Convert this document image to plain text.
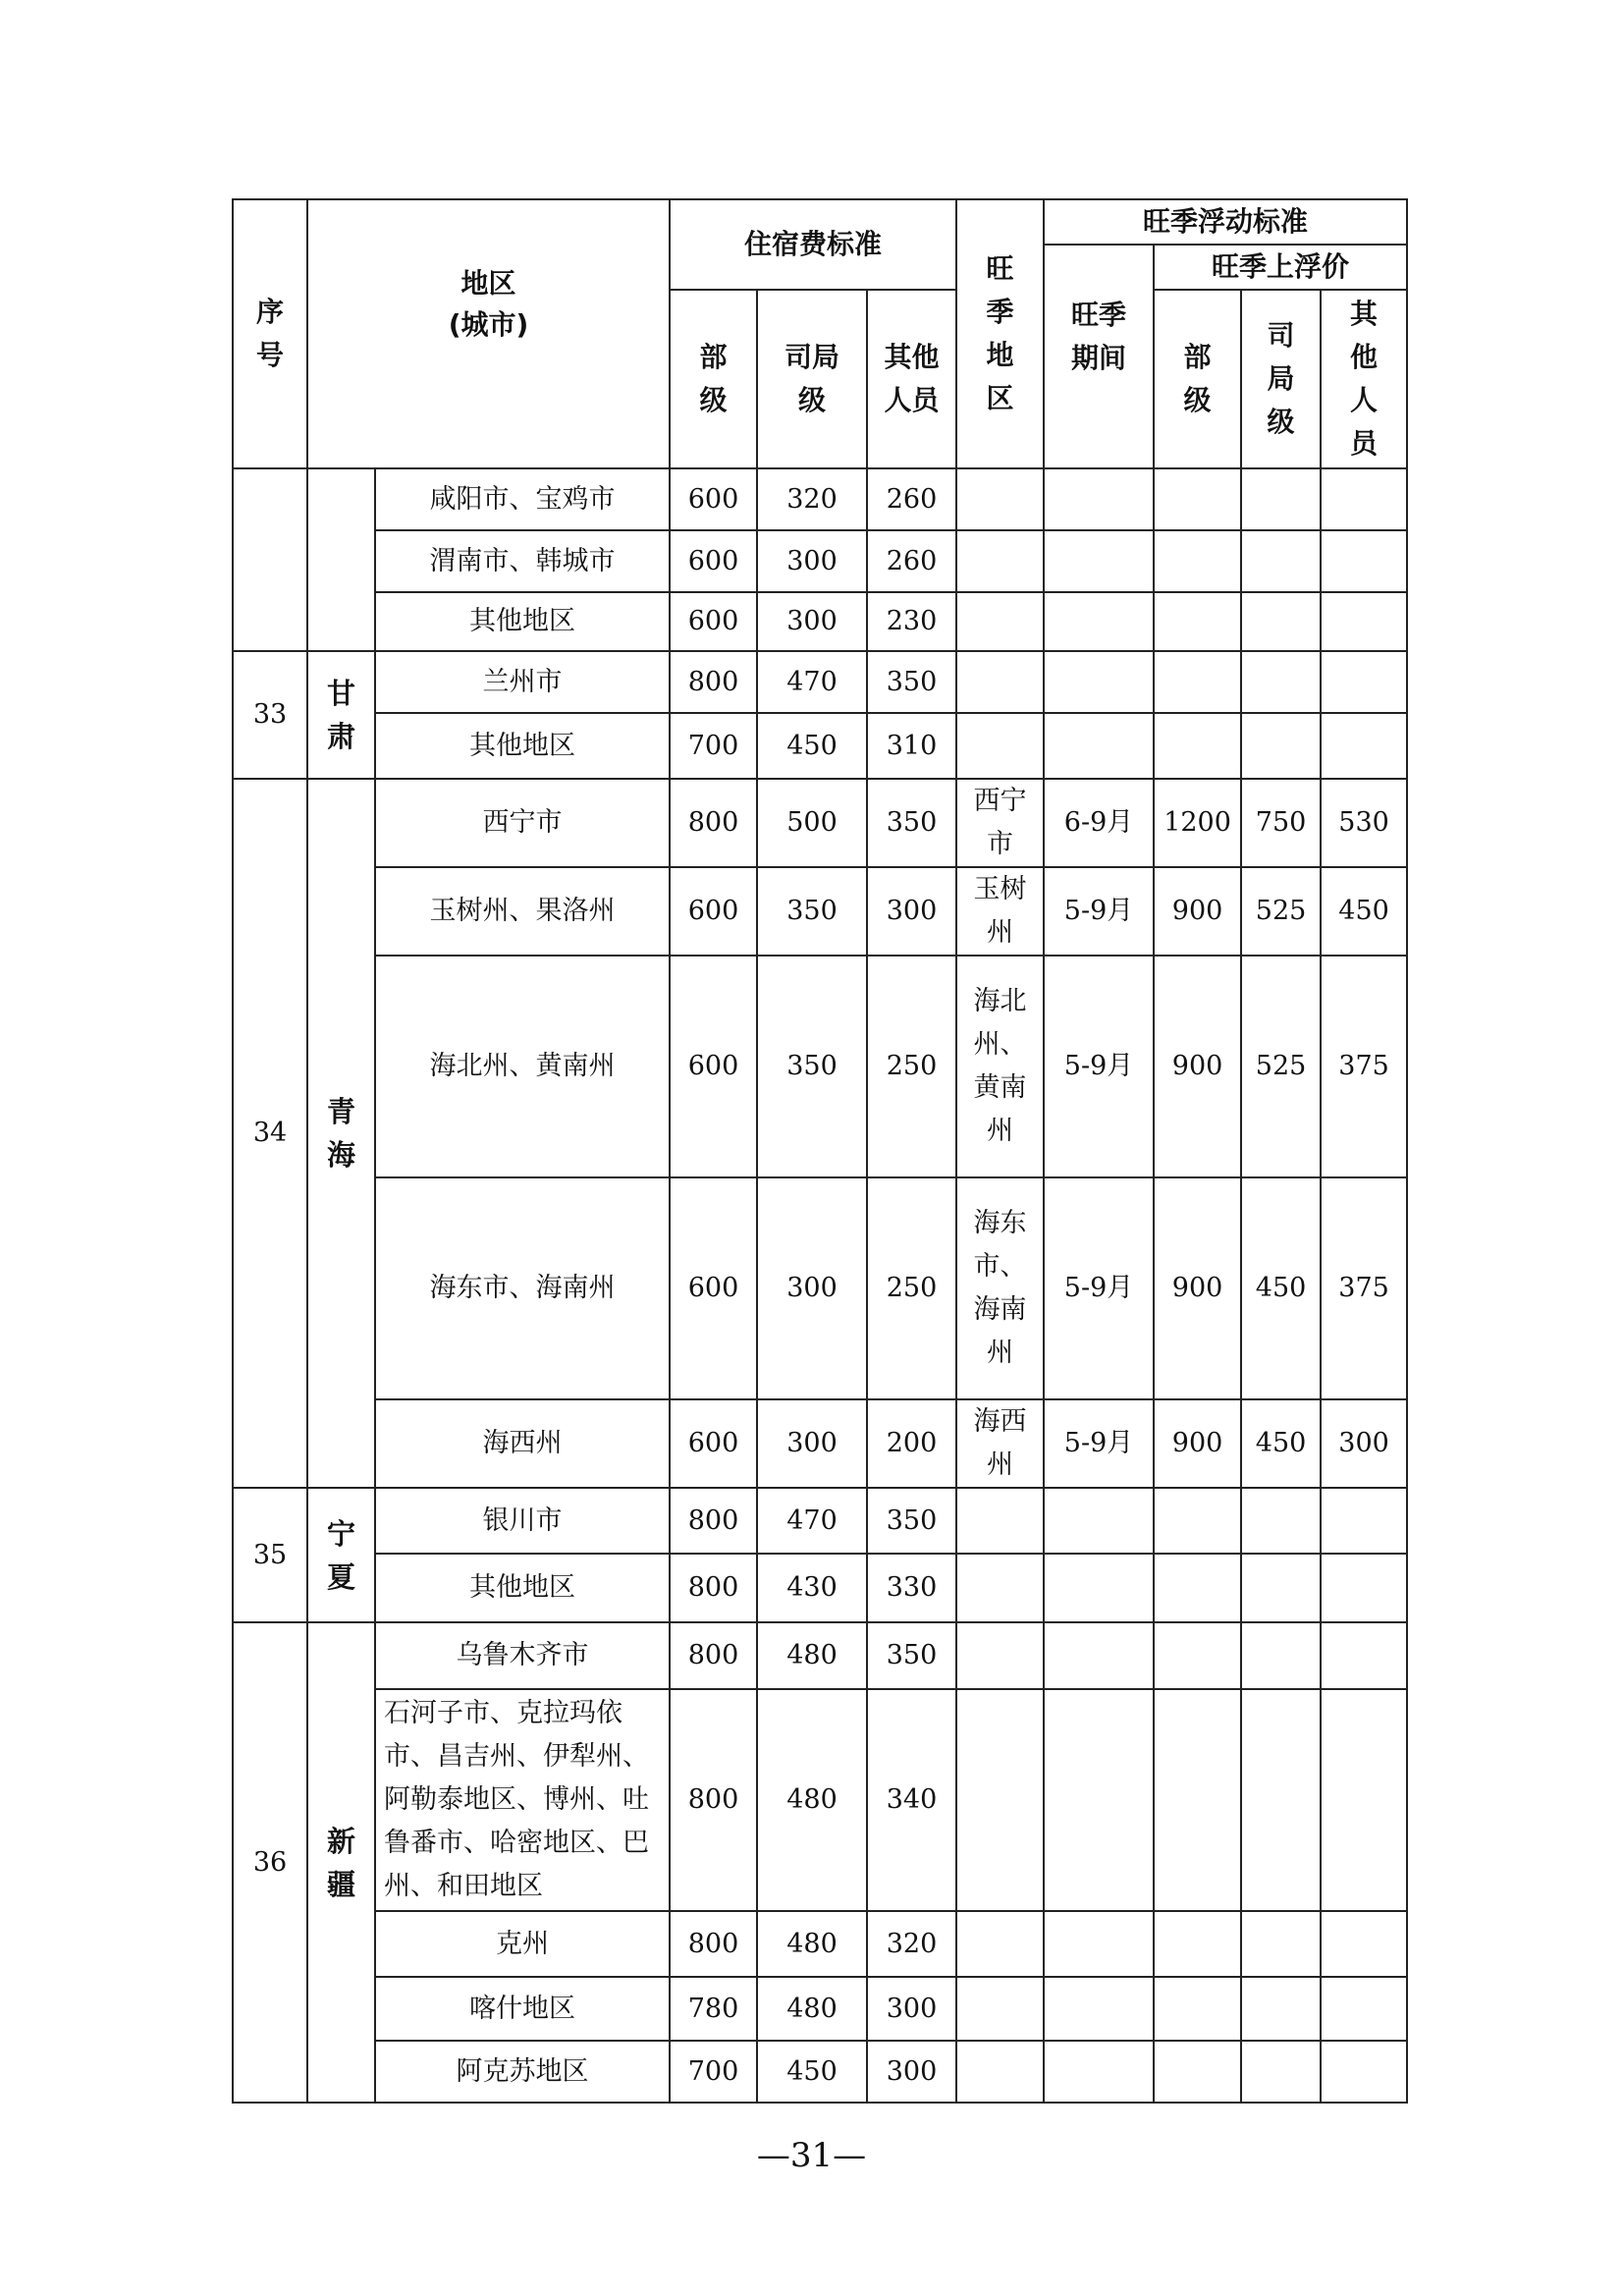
序号	地区
(城市)		住宿费标准			旺季地区	旺季浮动标准			
							旺季期间	旺季上浮价		
			部级	司局级	其他人员			部级	司局级	其他人员
		咸阳市、宝鸡市	600	320	260					
		渭南市、韩城市	600	300	260					
		其他地区	600	300	230					
33	甘肃	兰州市	800	470	350					
		其他地区	700	450	310					
34	青海	西宁市	800	500	350	西宁市	6-9月	1200	750	530
		玉树州、果洛州	600	350	300	玉树州	5-9月	900	525	450
		海北州、黄南州	600	350	250	海北州、黄南州	5-9月	900	525	375
		海东市、海南州	600	300	250	海东市、海南州	5-9月	900	450	375
		海西州	600	300	200	海西州	5-9月	900	450	300
35	宁夏	银川市	800	470	350					
		其他地区	800	430	330					
36	新疆	乌鲁木齐市	800	480	350					
		石河子市、克拉玛依市、昌吉州、伊犁州、阿勒泰地区、博州、吐鲁番市、哈密地区、巴州、和田地区	800	480	340					
		克州	800	480	320					
		喀什地区	780	480	300					
		阿克苏地区	700	450	300					
—31—
